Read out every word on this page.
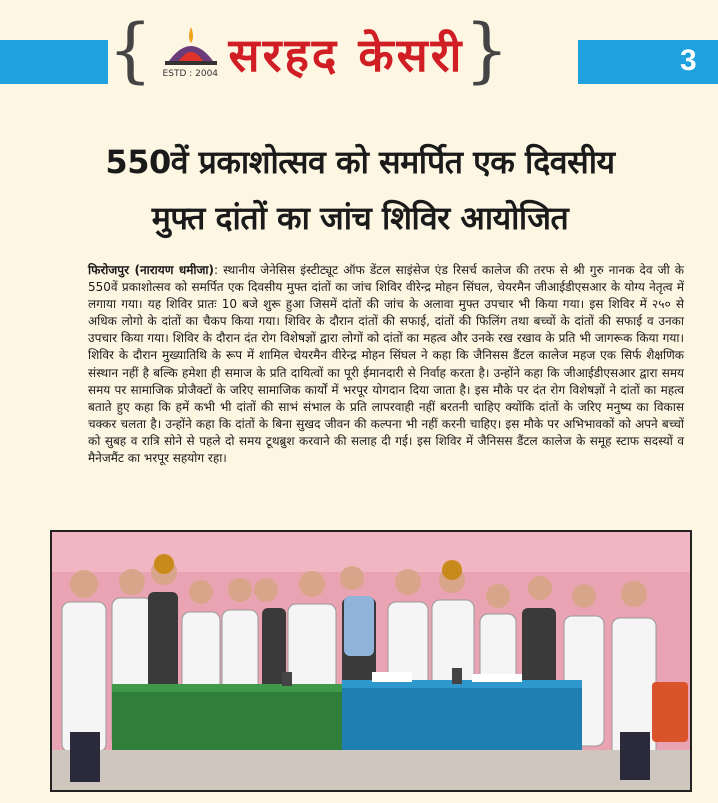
{ ESTD : 2004 सरहद केसरी }	3
550वें प्रकाशोत्सव को समर्पित एक दिवसीय
मुफ्त दांतों का जांच शिविर आयोजित
फिरोजपुर (नारायण धमीजा): स्थानीय जेनेसिस इंस्टीट्यूट ऑफ डेंटल साइंसेज एंड रिसर्च कालेज की तरफ से श्री गुरु नानक देव जी के 550वें प्रकाशोत्सव को समर्पित एक दिवसीय मुफ्त दांतों का जांच शिविर वीरेन्द्र मोहन सिंघल, चेयरमैन जीआईडीएसआर के योग्य नेतृत्व में लगाया गया। यह शिविर प्रातः 10 बजे शुरू हुआ जिसमें दांतों की जांच के अलावा मुफ्त उपचार भी किया गया। इस शिविर में २५० से अधिक लोगो के दांतों का चैकप किया गया। शिविर के दौरान दांतों की सफाई, दांतों की फिलिंग तथा बच्चों के दांतों की सफाई व उनका उपचार किया गया। शिविर के दौरान दंत रोग विशेषज्ञों द्वारा लोगों को दांतों का महत्व और उनके रख रखाव के प्रति भी जागरूक किया गया। शिविर के दौरान मुख्यातिथि के रूप में शामिल चेयरमैन वीरेन्द्र मोहन सिंघल ने कहा कि जैनिसस डैंटल कालेज महज एक सिर्फ शैक्षणिक संस्थान नहीं है बल्कि हमेशा ही समाज के प्रति दायित्वों का पूरी ईमानदारी से निर्वाह करता है। उन्होंने कहा कि जीआईडीएसआर द्वारा समय समय पर सामाजिक प्रोजैक्टों के जरिए सामाजिक कार्यों में भरपूर योगदान दिया जाता है। इस मौके पर दंत रोग विशेषज्ञों ने दांतों का महत्व बताते हुए कहा कि हमें कभी भी दांतों की साभं संभाल के प्रति लापरवाही नहीं बरतनी चाहिए क्योंकि दांतों के जरिए मनुष्य का विकास चक्कर चलता है। उन्होंने कहा कि दांतों के बिना सुखद जीवन की कल्पना भी नहीं करनी चाहिए। इस मौके पर अभिभावकों को अपने बच्चों को सुबह व रात्रि सोने से पहले दो समय टूथब्रुश करवाने की सलाह दी गई। इस शिविर में जैनिसस डैंटल कालेज के समूह स्टाफ सदस्यों व मैनेजमैंट का भरपूर सहयोग रहा।
